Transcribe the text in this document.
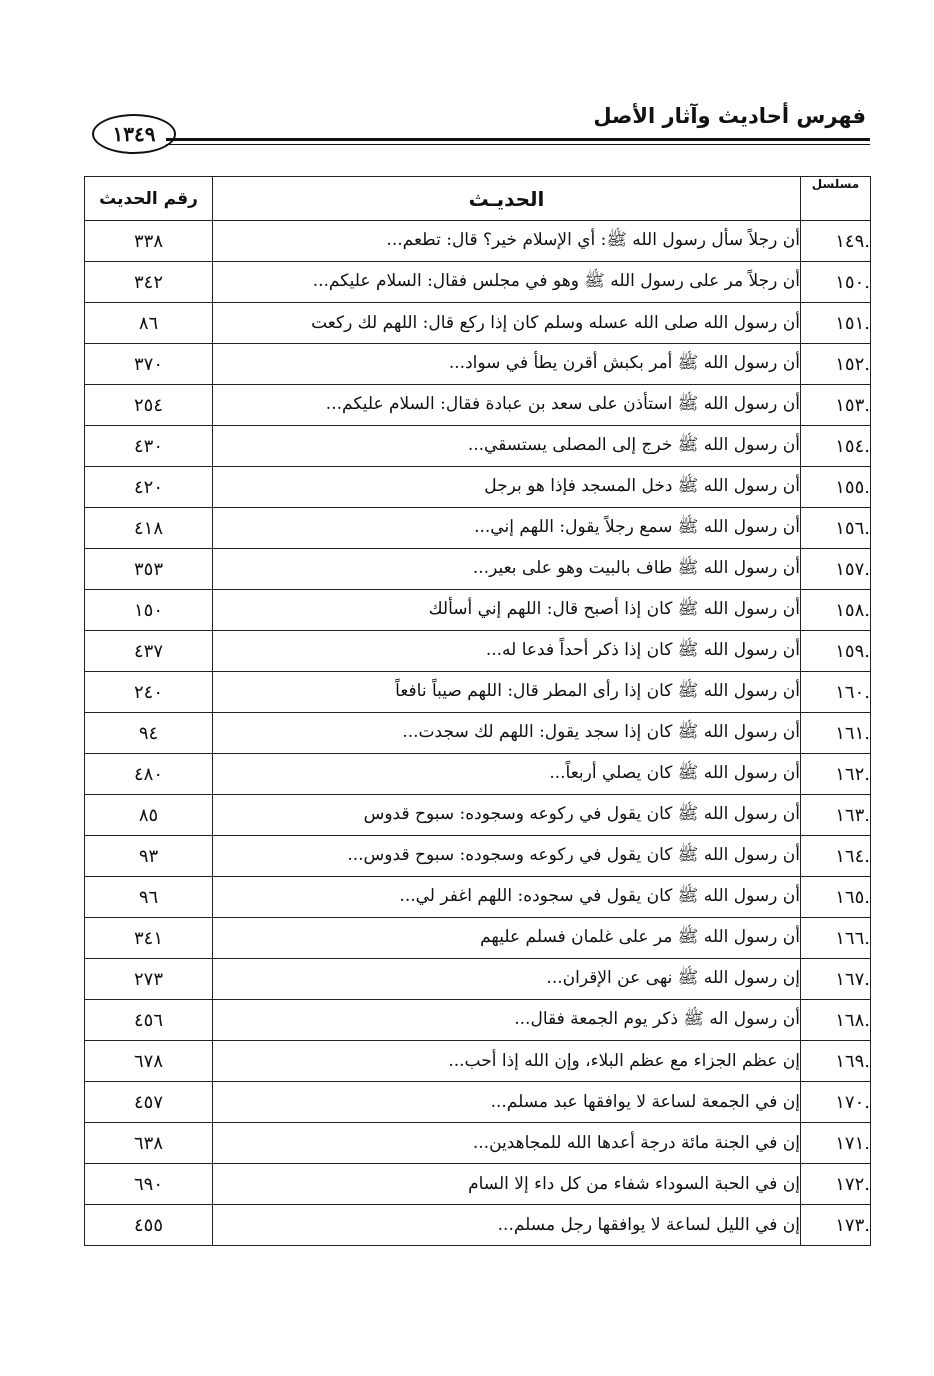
فهرس أحاديث وآثار الأصل
١٣٤٩
رقم الحديث	الحديـث	مسلسل
٣٣٨	أن رجلاً سأل رسول الله ﷺ: أي الإسلام خير؟ قال: تطعم...	١٤٩.
٣٤٢	أن رجلاً مر على رسول الله ﷺ وهو في مجلس فقال: السلام عليكم...	١٥٠.
٨٦	أن رسول الله صلى الله عسله وسلم كان إذا ركع قال: اللهم لك ركعت	١٥١.
٣٧٠	أن رسول الله ﷺ أمر بكبش أقرن يطأ في سواد...	١٥٢.
٢٥٤	أن رسول الله ﷺ استأذن على سعد بن عبادة فقال: السلام عليكم...	١٥٣.
٤٣٠	أن رسول الله ﷺ خرج إلى المصلى يستسقي...	١٥٤.
٤٢٠	أن رسول الله ﷺ دخل المسجد فإذا هو برجل	١٥٥.
٤١٨	أن رسول الله ﷺ سمع رجلاً يقول: اللهم إني...	١٥٦.
٣٥٣	أن رسول الله ﷺ طاف بالبيت وهو على بعير...	١٥٧.
١٥٠	أن رسول الله ﷺ كان إذا أصبح قال: اللهم إني أسألك	١٥٨.
٤٣٧	أن رسول الله ﷺ كان إذا ذكر أحداً فدعا له...	١٥٩.
٢٤٠	أن رسول الله ﷺ كان إذا رأى المطر قال: اللهم صيباً نافعاً	١٦٠.
٩٤	أن رسول الله ﷺ كان إذا سجد يقول: اللهم لك سجدت...	١٦١.
٤٨٠	أن رسول الله ﷺ كان يصلي أربعاً...	١٦٢.
٨٥	أن رسول الله ﷺ كان يقول في ركوعه وسجوده: سبوح قدوس	١٦٣.
٩٣	أن رسول الله ﷺ كان يقول في ركوعه وسجوده: سبوح قدوس...	١٦٤.
٩٦	أن رسول الله ﷺ كان يقول في سجوده: اللهم اغفر لي...	١٦٥.
٣٤١	أن رسول الله ﷺ مر على غلمان فسلم عليهم	١٦٦.
٢٧٣	إن رسول الله ﷺ نهى عن الإقران...	١٦٧.
٤٥٦	أن رسول اله ﷺ ذكر يوم الجمعة فقال...	١٦٨.
٦٧٨	إن عظم الجزاء مع عظم البلاء، وإن الله إذا أحب...	١٦٩.
٤٥٧	إن في الجمعة لساعة لا يوافقها عبد مسلم...	١٧٠.
٦٣٨	إن في الجنة مائة درجة أعدها الله للمجاهدين...	١٧١.
٦٩٠	إن في الحبة السوداء شفاء من كل داء إلا السام	١٧٢.
٤٥٥	إن في الليل لساعة لا يوافقها رجل مسلم...	١٧٣.
